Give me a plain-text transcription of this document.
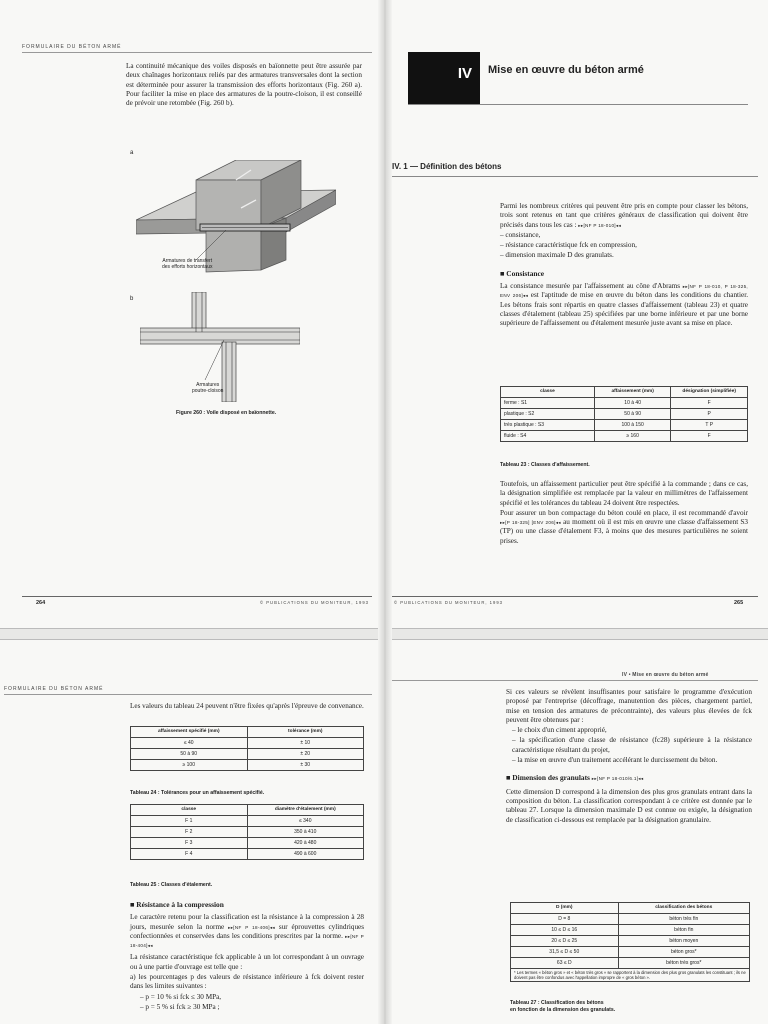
FORMULAIRE DU BÉTON ARMÉ
La continuité mécanique des voiles disposés en baïonnette peut être assurée par deux chaînages horizontaux reliés par des armatures transversales dont la section est déterminée pour assurer la transmission des efforts horizontaux (Fig. 260 a). Pour faciliter la mise en place des armatures de la poutre-cloison, il est conseillé de prévoir une retombée (Fig. 260 b).
a
Armatures de transfert
des efforts horizontaux
b
Armatures
poutre-cloison
Figure 260 : Voile disposé en baïonnette.
264	© PUBLICATIONS DU MONITEUR, 1993
IV	Mise en œuvre du béton armé
IV. 1 — Définition des bétons

Parmi les nombreux critères qui peuvent être pris en compte pour classer les bétons, trois sont retenus en tant que critères généraux de classification qui doivent être précisés dans tous les cas : ▸▸[NF P 18-010]◂◂

– consistance,

– résistance caractéristique fck en compression,

– dimension maximale D des granulats.

■ Consistance

La consistance mesurée par l'affaissement au cône d'Abrams ▸▸[NF P 18-010, P 18-325, ENV 206]◂◂ est l'aptitude de mise en œuvre du béton dans les conditions du chantier. Les bétons frais sont répartis en quatre classes d'affaissement (tableau 23) et quatre classes d'étalement (tableau 25) spécifiées par une borne inférieure et par une borne supérieure de l'affaissement ou d'étalement mesurée juste avant sa mise en place.

classe	affaissement (mm)	désignation (simplifiée)
ferme : S1	10 à 40	F
plastique : S2	50 à 90	P
très plastique : S3	100 à 150	T P
fluide : S4	≥ 160	F
Tableau 23 : Classes d'affaissement.

Toutefois, un affaissement particulier peut être spécifié à la commande ; dans ce cas, la désignation simplifiée est remplacée par la valeur en millimètres de l'affaissement spécifié et les tolérances du tableau 24 doivent être respectées.

Pour assurer un bon compactage du béton coulé en place, il est recommandé d'avoir ▸▸[P 18-325] [ENV 206]◂◂ au moment où il est mis en œuvre une classe d'affaissement S3 (TP) ou une classe d'étalement F3, à moins que des mesures particulières ne soient prises.

© PUBLICATIONS DU MONITEUR, 1993	265
FORMULAIRE DU BÉTON ARMÉ
Les valeurs du tableau 24 peuvent n'être fixées qu'après l'épreuve de convenance.
affaissement spécifié (mm)	tolérance (mm)
≤ 40	± 10
50 à 90	± 20
≥ 100	± 30
Tableau 24 : Tolérances pour un affaissement spécifié.
classe	diamètre d'étalement (mm)
F 1	≤ 340
F 2	350 à 410
F 3	420 à 480
F 4	490 à 600
Tableau 25 : Classes d'étalement.
■ Résistance à la compression

Le caractère retenu pour la classification est la résistance à la compression à 28 jours, mesurée selon la norme ▸▸[NF P 18-406]◂◂ sur éprouvettes cylindriques confectionnées et conservées dans les conditions prescrites par la norme. ▸▸[NF P 18-404]◂◂

La résistance caractéristique fck applicable à un lot correspondant à un ouvrage ou à une partie d'ouvrage est telle que :

a) les pourcentages p des valeurs de résistance inférieure à fck doivent rester dans les limites suivantes :

– p = 10 % si fck ≤ 30 MPa,

– p = 5 % si fck ≥ 30 MPa ;

IV • Mise en œuvre du béton armé

Si ces valeurs se révèlent insuffisantes pour satisfaire le programme d'exécution proposé par l'entreprise (décoffrage, manutention des pièces, chargement partiel, mise en tension des armatures de précontrainte), des valeurs plus élevées de fck peuvent être obtenues par :

– le choix d'un ciment approprié,

– la spécification d'une classe de résistance (fc28) supérieure à la résistance caractéristique résultant du projet,

– la mise en œuvre d'un traitement accélérant le durcissement du béton.

■ Dimension des granulats ▸▸[NF P 18-010/6.1]◂◂

Cette dimension D correspond à la dimension des plus gros granulats entrant dans la composition du béton. La classification correspondant à ce critère est donnée par le tableau 27. Lorsque la dimension maximale D est connue ou exigée, la désignation de classification ci-dessous est remplacée par la désignation granulaire.

D (mm)	classification des bétons
D = 8	béton très fin
10 ≤ D ≤ 16	béton fin
20 ≤ D ≤ 25	béton moyen
31,5 ≤ D ≤ 50	béton gros*
63 ≤ D	béton très gros*
* Les termes « béton gros » et « béton très gros » se rapportent à la dimension des plus gros granulats les constituant ; ils ne doivent pas être confondus avec l'appellation impropre de « gros béton ».	
Tableau 27 : Classification des bétons
en fonction de la dimension des granulats.
